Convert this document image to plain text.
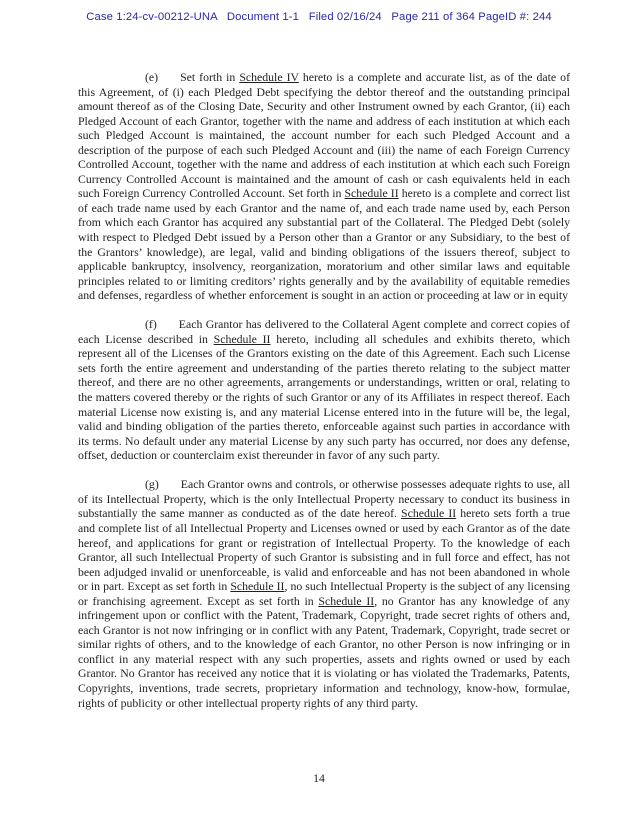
Case 1:24-cv-00212-UNA   Document 1-1   Filed 02/16/24   Page 211 of 364 PageID #: 244

(e) Set forth in Schedule IV hereto is a complete and accurate list, as of the date of this Agreement, of (i) each Pledged Debt specifying the debtor thereof and the outstanding principal amount thereof as of the Closing Date, Security and other Instrument owned by each Grantor, (ii) each Pledged Account of each Grantor, together with the name and address of each institution at which each such Pledged Account is maintained, the account number for each such Pledged Account and a description of the purpose of each such Pledged Account and (iii) the name of each Foreign Currency Controlled Account, together with the name and address of each institution at which each such Foreign Currency Controlled Account is maintained and the amount of cash or cash equivalents held in each such Foreign Currency Controlled Account. Set forth in Schedule II hereto is a complete and correct list of each trade name used by each Grantor and the name of, and each trade name used by, each Person from which each Grantor has acquired any substantial part of the Collateral. The Pledged Debt (solely with respect to Pledged Debt issued by a Person other than a Grantor or any Subsidiary, to the best of the Grantors’ knowledge), are legal, valid and binding obligations of the issuers thereof, subject to applicable bankruptcy, insolvency, reorganization, moratorium and other similar laws and equitable principles related to or limiting creditors’ rights generally and by the availability of equitable remedies and defenses, regardless of whether enforcement is sought in an action or proceeding at law or in equity

(f) Each Grantor has delivered to the Collateral Agent complete and correct copies of each License described in Schedule II hereto, including all schedules and exhibits thereto, which represent all of the Licenses of the Grantors existing on the date of this Agreement. Each such License sets forth the entire agreement and understanding of the parties thereto relating to the subject matter thereof, and there are no other agreements, arrangements or understandings, written or oral, relating to the matters covered thereby or the rights of such Grantor or any of its Affiliates in respect thereof. Each material License now existing is, and any material License entered into in the future will be, the legal, valid and binding obligation of the parties thereto, enforceable against such parties in accordance with its terms. No default under any material License by any such party has occurred, nor does any defense, offset, deduction or counterclaim exist thereunder in favor of any such party.

(g) Each Grantor owns and controls, or otherwise possesses adequate rights to use, all of its Intellectual Property, which is the only Intellectual Property necessary to conduct its business in substantially the same manner as conducted as of the date hereof. Schedule II hereto sets forth a true and complete list of all Intellectual Property and Licenses owned or used by each Grantor as of the date hereof, and applications for grant or registration of Intellectual Property. To the knowledge of each Grantor, all such Intellectual Property of such Grantor is subsisting and in full force and effect, has not been adjudged invalid or unenforceable, is valid and enforceable and has not been abandoned in whole or in part. Except as set forth in Schedule II, no such Intellectual Property is the subject of any licensing or franchising agreement. Except as set forth in Schedule II, no Grantor has any knowledge of any infringement upon or conflict with the Patent, Trademark, Copyright, trade secret rights of others and, each Grantor is not now infringing or in conflict with any Patent, Trademark, Copyright, trade secret or similar rights of others, and to the knowledge of each Grantor, no other Person is now infringing or in conflict in any material respect with any such properties, assets and rights owned or used by each Grantor. No Grantor has received any notice that it is violating or has violated the Trademarks, Patents, Copyrights, inventions, trade secrets, proprietary information and technology, know-how, formulae, rights of publicity or other intellectual property rights of any third party.

14
